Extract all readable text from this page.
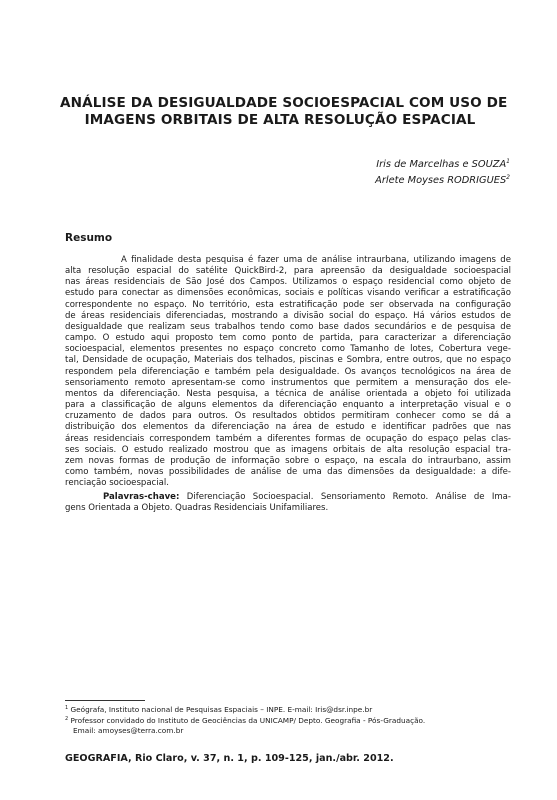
ANÁLISE DA DESIGUALDADE SOCIOESPACIAL COM USO DE
IMAGENS ORBITAIS DE ALTA RESOLUÇÃO ESPACIAL
Iris de Marcelhas e SOUZA$^1$
Arlete Moyses RODRIGUES$^2$
Resumo
A finalidade desta pesquisa é fazer uma de análise intraurbana, utilizando imagens de
alta resolução espacial do satélite QuickBird-2, para apreensão da desigualdade socioespacial
nas áreas residenciais de São José dos Campos. Utilizamos o espaço residencial como objeto de
estudo para conectar as dimensões econômicas, sociais e políticas visando verificar a estratificação
correspondente no espaço. No território, esta estratificação pode ser observada na configuração
de áreas residenciais diferenciadas, mostrando a divisão social do espaço. Há vários estudos de
desigualdade que realizam seus trabalhos tendo como base dados secundários e de pesquisa de
campo. O estudo aqui proposto tem como ponto de partida, para caracterizar a diferenciação
socioespacial, elementos presentes no espaço concreto como Tamanho de lotes, Cobertura vege-
tal, Densidade de ocupação, Materiais dos telhados, piscinas e Sombra, entre outros, que no espaço
respondem pela diferenciação e também pela desigualdade. Os avanços tecnológicos na área de
sensoriamento remoto apresentam-se como instrumentos que permitem a mensuração dos ele-
mentos da diferenciação. Nesta pesquisa, a técnica de análise orientada a objeto foi utilizada
para a classificação de alguns elementos da diferenciação enquanto a interpretação visual e o
cruzamento de dados para outros. Os resultados obtidos permitiram conhecer como se dá a
distribuição dos elementos da diferenciação na área de estudo e identificar padrões que nas
áreas residenciais correspondem também a diferentes formas de ocupação do espaço pelas clas-
ses sociais. O estudo realizado mostrou que as imagens orbitais de alta resolução espacial tra-
zem novas formas de produção de informação sobre o espaço, na escala do intraurbano, assim
como também, novas possibilidades de análise de uma das dimensões da desigualdade: a dife-
renciação socioespacial.
Palavras-chave: Diferenciação Socioespacial. Sensoriamento Remoto. Análise de Ima-
gens Orientada a Objeto. Quadras Residenciais Unifamiliares.
$^1$ Geógrafa, Instituto nacional de Pesquisas Espaciais – INPE. E-mail: Iris@dsr.inpe.br
$^2$ Professor convidado do Instituto de Geociências da UNICAMP/ Depto. Geografia - Pós-Graduação.
Email: amoyses@terra.com.br
GEOGRAFIA, Rio Claro, v. 37, n. 1, p. 109-125, jan./abr. 2012.
